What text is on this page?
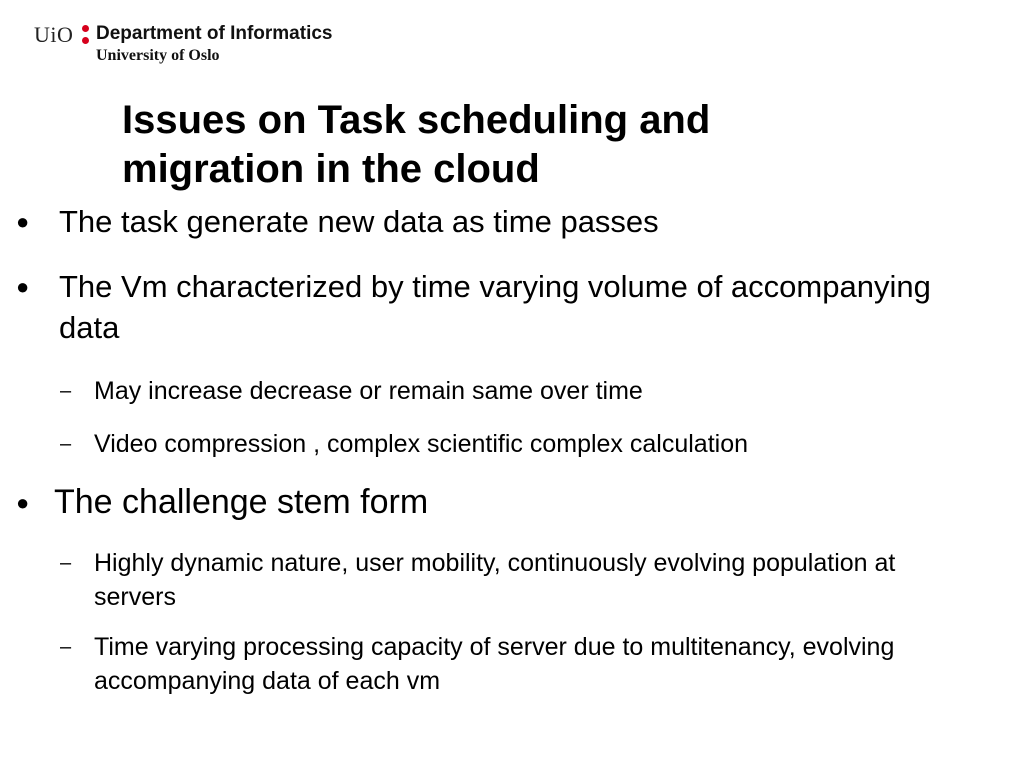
UiO Department of Informatics
University of Oslo
Issues on Task scheduling and migration in the cloud
● The task generate new data as time passes
● The Vm characterized by time varying volume of accompanying data
– May increase decrease or remain same over time
– Video compression , complex scientific complex calculation
● The challenge stem form
– Highly dynamic nature, user mobility, continuously evolving population at servers
– Time varying processing capacity of server due to multitenancy, evolving accompanying data of each vm
